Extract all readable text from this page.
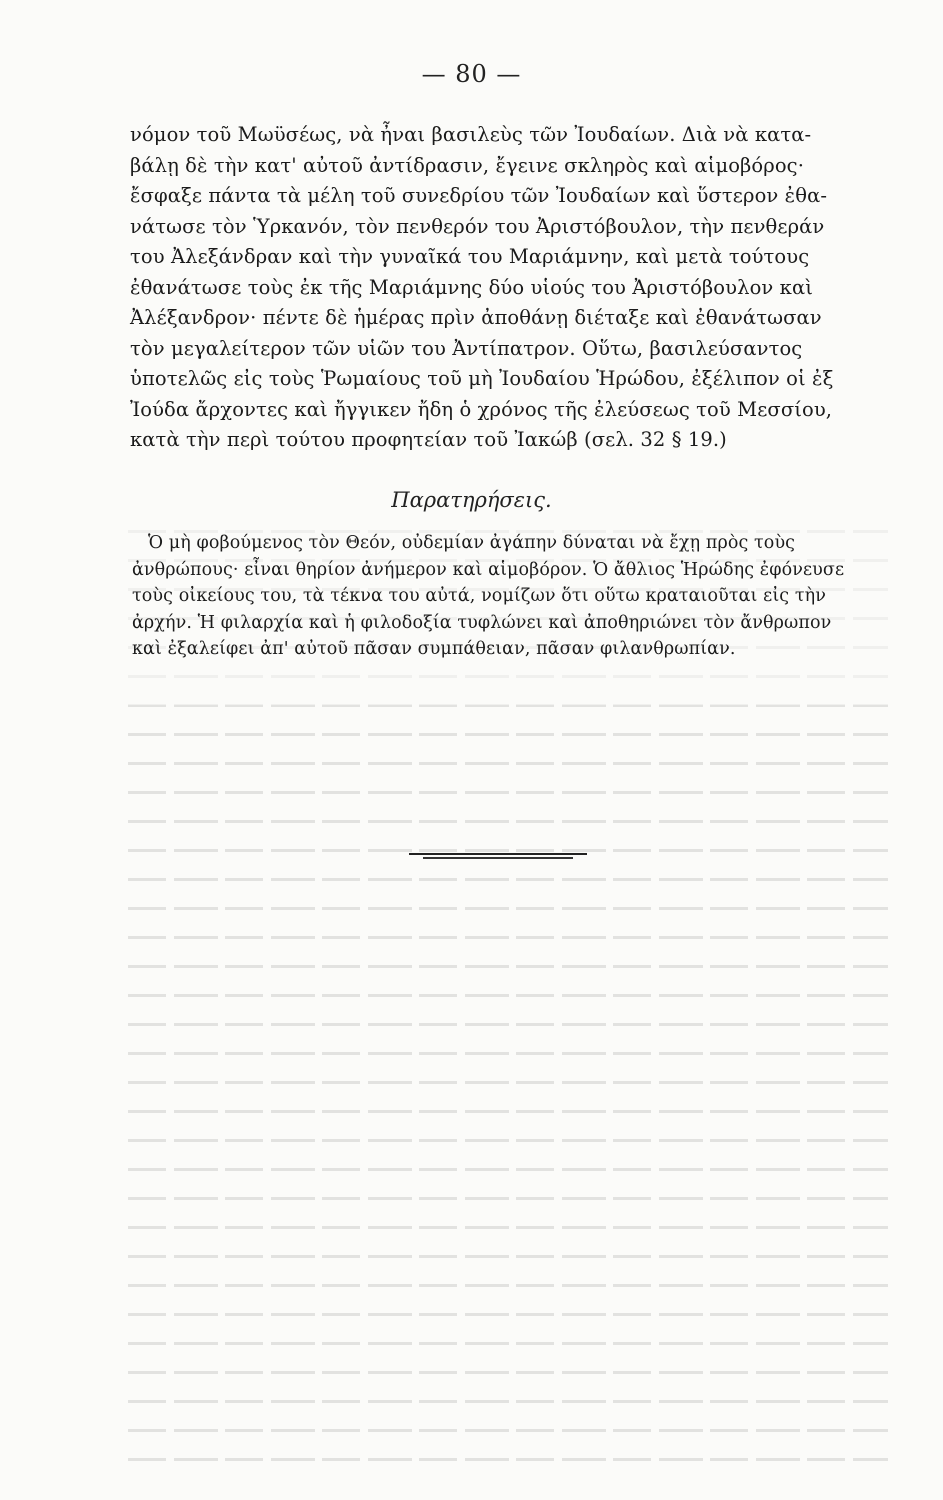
— 80 —
νόμον τοῦ Μωϋσέως, νὰ ἦναι βασιλεὺς τῶν Ἰουδαίων. Διὰ νὰ κατα-
βάλῃ δὲ τὴν κατ' αὐτοῦ ἀντίδρασιν, ἔγεινε σκληρὸς καὶ αἱμοβόρος·
ἔσφαξε πάντα τὰ μέλη τοῦ συνεδρίου τῶν Ἰουδαίων καὶ ὕστερον ἐθα-
νάτωσε τὸν Ὑρκανόν, τὸν πενθερόν του Ἀριστόβουλον, τὴν πενθεράν
του Ἀλεξάνδραν καὶ τὴν γυναῖκά του Μαριάμνην, καὶ μετὰ τούτους
ἐθανάτωσε τοὺς ἐκ τῆς Μαριάμνης δύο υἱούς του Ἀριστόβουλον καὶ
Ἀλέξανδρον· πέντε δὲ ἡμέρας πρὶν ἀποθάνῃ διέταξε καὶ ἐθανάτωσαν
τὸν μεγαλείτερον τῶν υἱῶν του Ἀντίπατρον. Οὕτω, βασιλεύσαντος
ὑποτελῶς εἰς τοὺς Ῥωμαίους τοῦ μὴ Ἰουδαίου Ἡρώδου, ἐξέλιπον οἱ ἐξ
Ἰούδα ἄρχοντες καὶ ἤγγικεν ἤδη ὁ χρόνος τῆς ἐλεύσεως τοῦ Μεσσίου,
κατὰ τὴν περὶ τούτου προφητείαν τοῦ Ἰακώβ (σελ. 32 § 19.)
Παρατηρήσεις.
Ὁ μὴ φοβούμενος τὸν Θεόν, οὐδεμίαν ἀγάπην δύναται νὰ ἔχῃ πρὸς τοὺς
ἀνθρώπους· εἶναι θηρίον ἀνήμερον καὶ αἱμοβόρον. Ὁ ἄθλιος Ἡρώδης ἐφόνευσε
τοὺς οἰκείους του, τὰ τέκνα του αὐτά, νομίζων ὅτι οὕτω κραταιοῦται εἰς τὴν
ἀρχήν. Ἡ φιλαρχία καὶ ἡ φιλοδοξία τυφλώνει καὶ ἀποθηριώνει τὸν ἄνθρωπον
καὶ ἐξαλείφει ἀπ' αὐτοῦ πᾶσαν συμπάθειαν, πᾶσαν φιλανθρωπίαν.
